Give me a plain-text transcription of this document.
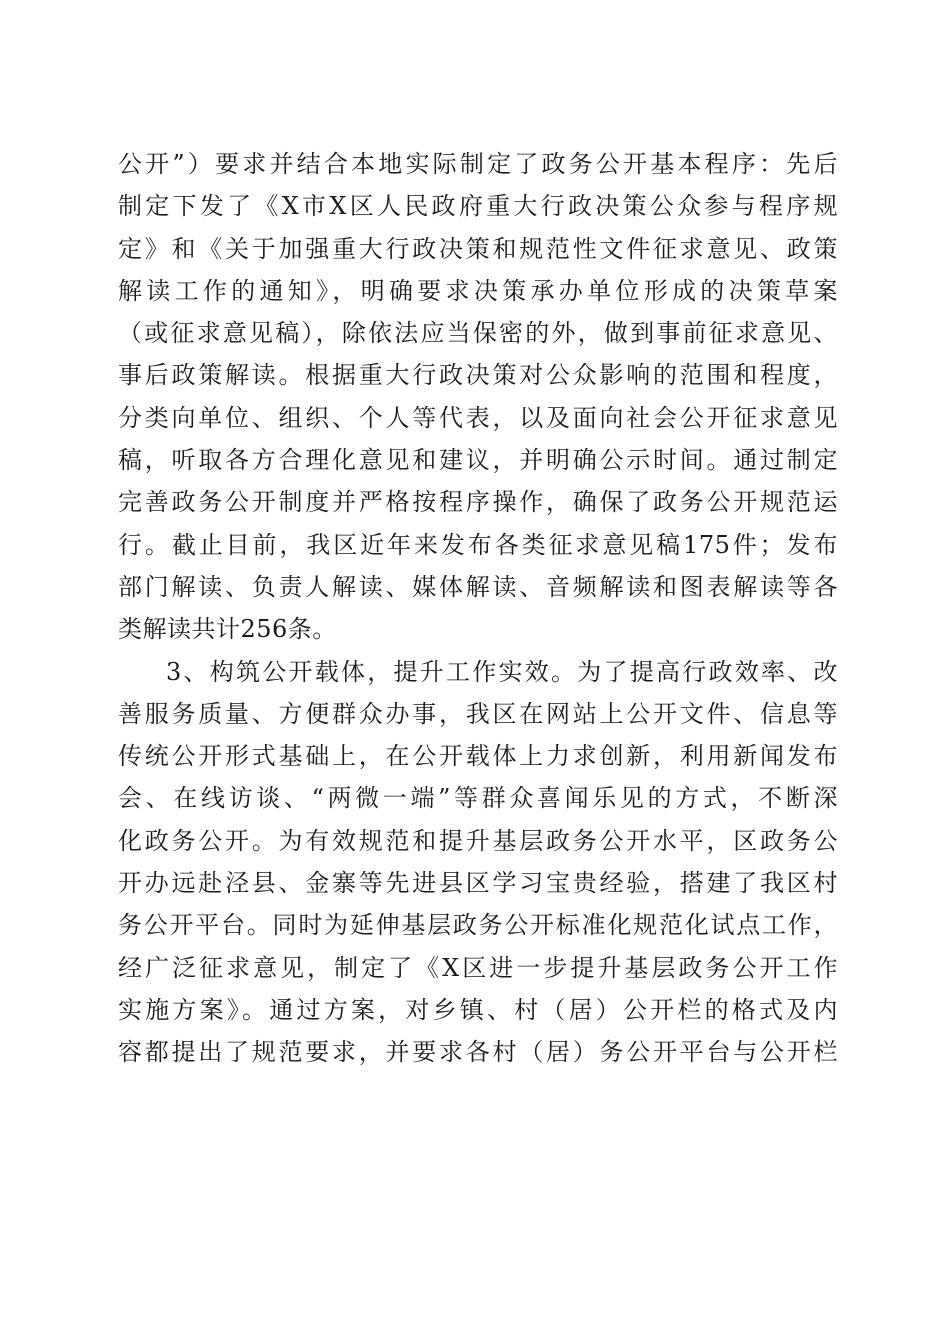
公开”）要求并结合本地实际制定了政务公开基本程序：先后
制定下发了《X市X区人民政府重大行政决策公众参与程序规
定》和《关于加强重大行政决策和规范性文件征求意见、政策
解读工作的通知》，明确要求决策承办单位形成的决策草案
（或征求意见稿），除依法应当保密的外，做到事前征求意见、
事后政策解读。根据重大行政决策对公众影响的范围和程度，
分类向单位、组织、个人等代表，以及面向社会公开征求意见
稿，听取各方合理化意见和建议，并明确公示时间。通过制定
完善政务公开制度并严格按程序操作，确保了政务公开规范运
行。截止目前，我区近年来发布各类征求意见稿175件；发布
部门解读、负责人解读、媒体解读、音频解读和图表解读等各
类解读共计256条。
3、构筑公开载体，提升工作实效。为了提高行政效率、改
善服务质量、方便群众办事，我区在网站上公开文件、信息等
传统公开形式基础上，在公开载体上力求创新，利用新闻发布
会、在线访谈、“两微一端”等群众喜闻乐见的方式，不断深
化政务公开。为有效规范和提升基层政务公开水平，区政务公
开办远赴泾县、金寨等先进县区学习宝贵经验，搭建了我区村
务公开平台。同时为延伸基层政务公开标准化规范化试点工作，
经广泛征求意见，制定了《X区进一步提升基层政务公开工作
实施方案》。通过方案，对乡镇、村（居）公开栏的格式及内
容都提出了规范要求，并要求各村（居）务公开平台与公开栏
